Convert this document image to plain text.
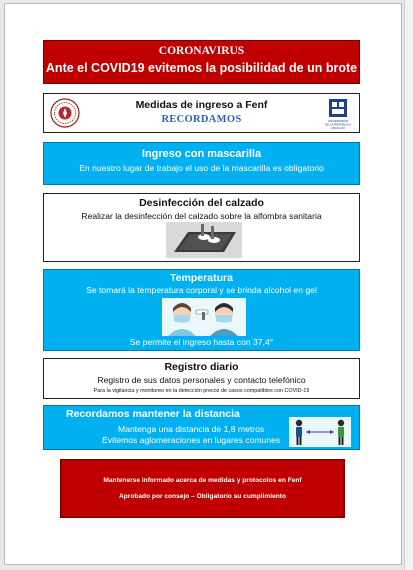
CORONAVIRUS
Ante el COVID19 evitemos la posibilidad de un brote
Medidas de ingreso a Fenf
RECORDAMOS	UNIVERSIDAD
DE LA REPÚBLICA
URUGUAY
Ingreso con mascarilla
En nuestro lugar de trabajo el uso de la mascarilla es obligatorio
Desinfección del calzado
Realizar la desinfección del calzado sobre la alfombra sanitaria
Temperatura
Se tomará la temperatura corporal y se brinda alcohol en gel
Se permite el ingreso hasta con 37,4°
Registro diario
Registro de sus datos personales y contacto telefónico
Para la vigilancia y monitoreo en la detección precoz de casos compatibles con COVID-19
Recordamos mantener la distancia
Mantenga una distancia de 1,8 metros
Evitemos aglomeraciones en lugares comunes
Mantenerse informado acerca de medidas y protocolos en Fenf
Aprobado por consejo – Obligatorio su cumplimiento
